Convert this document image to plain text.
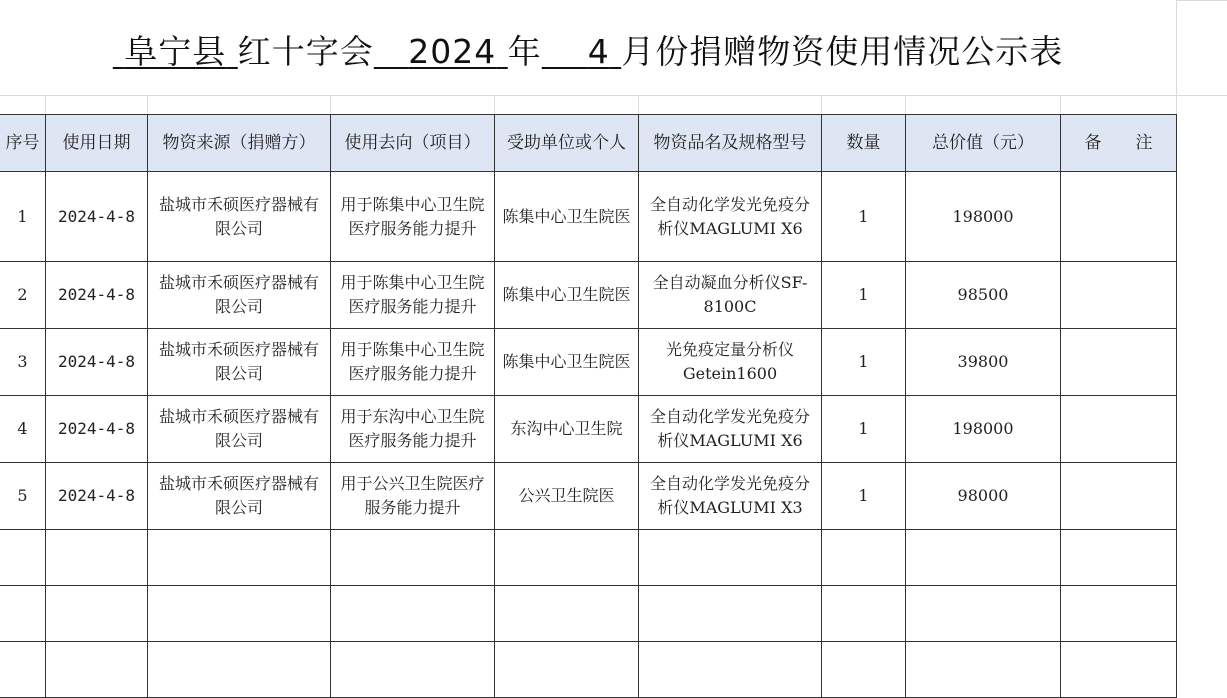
阜宁县 红十字会 2024 年 4 月份捐赠物资使用情况公示表
序号	使用日期	物资来源（捐赠方）	使用去向（项目）	受助单位或个人	物资品名及规格型号	数量	总价值（元）	备　　注
1	2024-4-8	盐城市禾硕医疗器械有限公司	用于陈集中心卫生院医疗服务能力提升	陈集中心卫生院医	全自动化学发光免疫分析仪MAGLUMI X6	1	198000	
2	2024-4-8	盐城市禾硕医疗器械有限公司	用于陈集中心卫生院医疗服务能力提升	陈集中心卫生院医	全自动凝血分析仪SF-8100C	1	98500	
3	2024-4-8	盐城市禾硕医疗器械有限公司	用于陈集中心卫生院医疗服务能力提升	陈集中心卫生院医	光免疫定量分析仪Getein1600	1	39800	
4	2024-4-8	盐城市禾硕医疗器械有限公司	用于东沟中心卫生院医疗服务能力提升	东沟中心卫生院	全自动化学发光免疫分析仪MAGLUMI X6	1	198000	
5	2024-4-8	盐城市禾硕医疗器械有限公司	用于公兴卫生院医疗服务能力提升	公兴卫生院医	全自动化学发光免疫分析仪MAGLUMI X3	1	98000	
